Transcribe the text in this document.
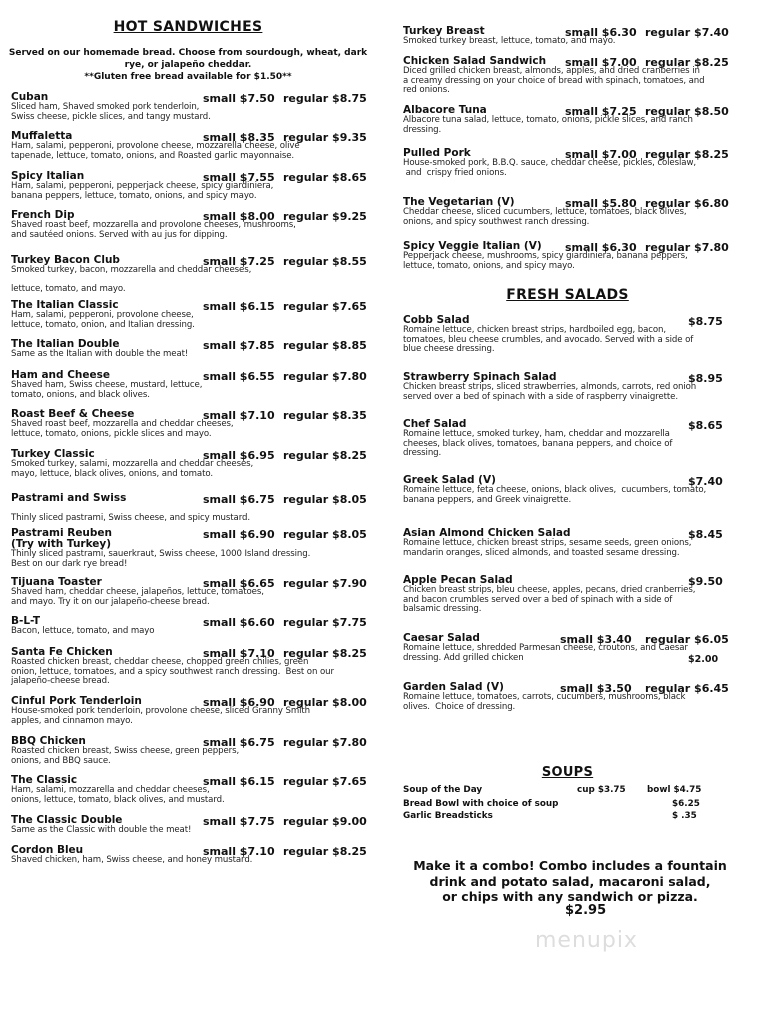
HOT SANDWICHES
Served on our homemade bread. Choose from sourdough, wheat, dark
rye, or jalapeño cheddar.
**Gluten free bread available for $1.50**
Cuban	small $7.50 regular $8.75
Sliced ham, Shaved smoked pork tenderloin,
Swiss cheese, pickle slices, and tangy mustard.
Muffaletta	small $8.35 regular $9.35
Ham, salami, pepperoni, provolone cheese, mozzarella cheese, olive
tapenade, lettuce, tomato, onions, and Roasted garlic mayonnaise.
Spicy Italian	small $7.55 regular $8.65
Ham, salami, pepperoni, pepperjack cheese, spicy giardiniera,
banana peppers, lettuce, tomato, onions, and spicy mayo.
French Dip	small $8.00 regular $9.25
Shaved roast beef, mozzarella and provolone cheeses, mushrooms,
and sautéed onions. Served with au jus for dipping.
Turkey Bacon Club	small $7.25 regular $8.55
Smoked turkey, bacon, mozzarella and cheddar cheeses,

lettuce, tomato, and mayo.
The Italian Classic	small $6.15 regular $7.65
Ham, salami, pepperoni, provolone cheese,
lettuce, tomato, onion, and Italian dressing.
The Italian Double	small $7.85 regular $8.85
Same as the Italian with double the meat!
Ham and Cheese	small $6.55 regular $7.80
Shaved ham, Swiss cheese, mustard, lettuce,
tomato, onions, and black olives.
Roast Beef & Cheese	small $7.10 regular $8.35
Shaved roast beef, mozzarella and cheddar cheeses,
lettuce, tomato, onions, pickle slices and mayo.
Turkey Classic	small $6.95 regular $8.25
Smoked turkey, salami, mozzarella and cheddar cheeses,
mayo, lettuce, black olives, onions, and tomato.
Pastrami and Swiss	small $6.75 regular $8.05

Thinly sliced pastrami, Swiss cheese, and spicy mustard.
Pastrami Reuben
(Try with Turkey)
small $6.90 regular $8.05
Thinly sliced pastrami, sauerkraut, Swiss cheese, 1000 Island dressing.
Best on our dark rye bread!
Tijuana Toaster	small $6.65 regular $7.90
Shaved ham, cheddar cheese, jalapeños, lettuce, tomatoes,
and mayo. Try it on our jalapeño-cheese bread.
B-L-T	small $6.60 regular $7.75
Bacon, lettuce, tomato, and mayo
Santa Fe Chicken	small $7.10 regular $8.25
Roasted chicken breast, cheddar cheese, chopped green chilies, green
onion, lettuce, tomatoes, and a spicy southwest ranch dressing.  Best on our
jalapeño-cheese bread.
Cinful Pork Tenderloin	small $6.90 regular $8.00
House-smoked pork tenderloin, provolone cheese, sliced Granny Smith
apples, and cinnamon mayo.
BBQ Chicken	small $6.75 regular $7.80
Roasted chicken breast, Swiss cheese, green peppers,
onions, and BBQ sauce.
The Classic	small $6.15 regular $7.65
Ham, salami, mozzarella and cheddar cheeses,
onions, lettuce, tomato, black olives, and mustard.
The Classic Double	small $7.75 regular $9.00
Same as the Classic with double the meat!
Cordon Bleu	small $7.10 regular $8.25
Shaved chicken, ham, Swiss cheese, and honey mustard.
Turkey Breast	small $6.30 regular $7.40
Smoked turkey breast, lettuce, tomato, and mayo.
Chicken Salad Sandwich small $7.00 regular $8.25
Diced grilled chicken breast, almonds, apples, and dried cranberries in
a creamy dressing on your choice of bread with spinach, tomatoes, and
red onions.
Albacore Tuna	small $7.25 regular $8.50
Albacore tuna salad, lettuce, tomato, onions, pickle slices, and ranch
dressing.
Pulled Pork	small $7.00 regular $8.25
House-smoked pork, B.B.Q. sauce, cheddar cheese, pickles, coleslaw,
and  crispy fried onions.
The Vegetarian (V)	small $5.80 regular $6.80
Cheddar cheese, sliced cucumbers, lettuce, tomatoes, black olives,
onions, and spicy southwest ranch dressing.
Spicy Veggie Italian (V) small $6.30 regular $7.80
Pepperjack cheese, mushrooms, spicy giardiniera, banana peppers,
lettuce, tomato, onions, and spicy mayo.
FRESH SALADS
Cobb Salad	$8.75
Romaine lettuce, chicken breast strips, hardboiled egg, bacon,
tomatoes, bleu cheese crumbles, and avocado. Served with a side of
blue cheese dressing.
Strawberry Spinach Salad	$8.95
Chicken breast strips, sliced strawberries, almonds, carrots, red onion
served over a bed of spinach with a side of raspberry vinaigrette.
Chef Salad	$8.65
Romaine lettuce, smoked turkey, ham, cheddar and mozzarella
cheeses, black olives, tomatoes, banana peppers, and choice of
dressing.
Greek Salad (V)	$7.40
Romaine lettuce, feta cheese, onions, black olives,  cucumbers, tomato,
banana peppers, and Greek vinaigrette.
Asian Almond Chicken Salad	$8.45
Romaine lettuce, chicken breast strips, sesame seeds, green onions,
mandarin oranges, sliced almonds, and toasted sesame dressing.
Apple Pecan Salad	$9.50
Chicken breast strips, bleu cheese, apples, pecans, dried cranberries,
and bacon crumbles served over a bed of spinach with a side of
balsamic dressing.
Caesar Salad	small $3.40 regular $6.05
Romaine lettuce, shredded Parmesan cheese, croutons, and Caesar
dressing. Add grilled chicken	$2.00
Garden Salad (V)	small $3.50 regular $6.45
Romaine lettuce, tomatoes, carrots, cucumbers, mushrooms, black
olives.  Choice of dressing.
SOUPS
Soup of the Day	cup $3.75 bowl $4.75
Bread Bowl with choice of soup	$6.25
Garlic Breadsticks	$ .35
Make it a combo! Combo includes a fountain
drink and potato salad, macaroni salad,
or chips with any sandwich or pizza.
$2.95
menupix
